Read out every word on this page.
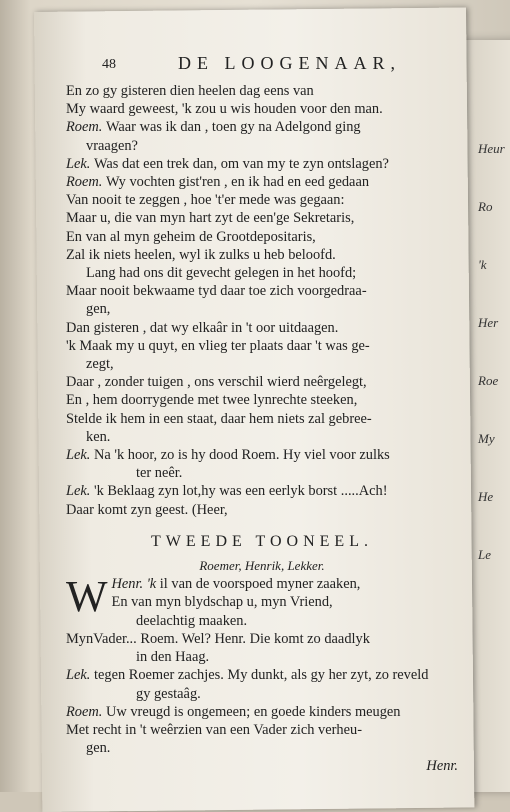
48	DE LOOGENAAR,
En zo gy gisteren dien heelen dag eens van
My waard geweest, 'k zou u wis houden voor den man.
Roem. Waar was ik dan , toen gy na Adelgond ging
vraagen?
Lek. Was dat een trek dan, om van my te zyn ontslagen?
Roem. Wy vochten gist'ren , en ik had en eed gedaan
Van nooit te zeggen , hoe 't'er mede was gegaan:
Maar u, die van myn hart zyt de een'ge Sekretaris,
En van al myn geheim de Grootdepositaris,
Zal ik niets heelen, wyl ik zulks u heb beloofd.
Lang had ons dit gevecht gelegen in het hoofd;
Maar nooit bekwaame tyd daar toe zich voorgedraa-
gen,
Dan gisteren , dat wy elkaâr in 't oor uitdaagen.
'k Maak my u quyt, en vlieg ter plaats daar 't was ge-
zegt,
Daar , zonder tuigen , ons verschil wierd neêrgelegt,
En , hem doorrygende met twee lynrechte steeken,
Stelde ik hem in een staat, daar hem niets zal gebree-
ken.
Lek. Na 'k hoor, zo is hy dood Roem. Hy viel voor zulks
ter neêr.
Lek. 'k Beklaag zyn lot,hy was een eerlyk borst .....Ach!
Daar komt zyn geest. (Heer,
TWEEDE TOONEEL.
Roemer, Henrik, Lekker.
W Henr. 'k il van de voorspoed myner zaaken,
En van myn blydschap u, myn Vriend,
deelachtig maaken.
MynVader... Roem. Wel? Henr. Die komt zo daadlyk
in den Haag.
Lek. tegen Roemer zachjes. My dunkt, als gy her zyt, zo reveld
gy gestaâg.
Roem. Uw vreugd is ongemeen; en goede kinders meugen
Met recht in 't weêrzien van een Vader zich verheu-
gen.
Henr.
Heur
Ro
'k
Her
Roe
My
He
Le
